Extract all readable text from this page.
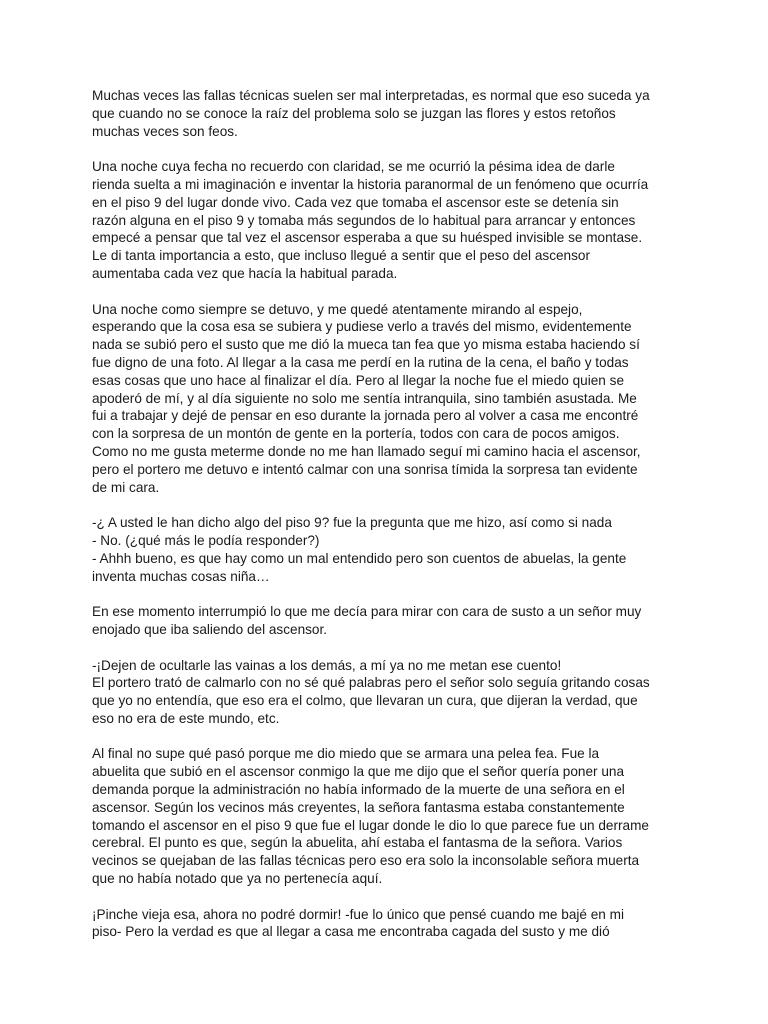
Muchas veces las fallas técnicas suelen ser mal interpretadas, es normal que eso suceda ya
que cuando no se conoce la raíz del problema solo se juzgan las flores y estos retoños
muchas veces son feos.

Una noche cuya fecha no recuerdo con claridad, se me ocurrió la pésima idea de darle
rienda suelta a mi imaginación e inventar la historia paranormal de un fenómeno que ocurría
en el piso 9 del lugar donde vivo. Cada vez que tomaba el ascensor este se detenía sin
razón alguna en el piso 9 y tomaba más segundos de lo habitual para arrancar y entonces
empecé a pensar que tal vez el ascensor esperaba a que su huésped invisible se montase.
Le di tanta importancia a esto, que incluso llegué a sentir que el peso del ascensor
aumentaba cada vez que hacía la habitual parada.

Una noche como siempre se detuvo, y me quedé atentamente mirando al espejo,
esperando que la cosa esa se subiera y pudiese verlo a través del mismo, evidentemente
nada se subió pero el susto que me dió la mueca tan fea que yo misma estaba haciendo sí
fue digno de una foto. Al llegar a la casa me perdí en la rutina de la cena, el baño y todas
esas cosas que uno hace al finalizar el día. Pero al llegar la noche fue el miedo quien se
apoderó de mí, y al día siguiente no solo me sentía intranquila, sino también asustada. Me
fui a trabajar y dejé de pensar en eso durante la jornada pero al volver a casa me encontré
con la sorpresa de un montón de gente en la portería, todos con cara de pocos amigos.
Como no me gusta meterme donde no me han llamado seguí mi camino hacia el ascensor,
pero el portero me detuvo e intentó calmar con una sonrisa tímida la sorpresa tan evidente
de mi cara.

-¿ A usted le han dicho algo del piso 9? fue la pregunta que me hizo, así como si nada
- No. (¿qué más le podía responder?)
- Ahhh bueno, es que hay como un mal entendido pero son cuentos de abuelas, la gente
inventa muchas cosas niña…

En ese momento interrumpió lo que me decía para mirar con cara de susto a un señor muy
enojado que iba saliendo del ascensor.

-¡Dejen de ocultarle las vainas a los demás, a mí ya no me metan ese cuento!
El portero trató de calmarlo con no sé qué palabras pero el señor solo seguía gritando cosas
que yo no entendía, que eso era el colmo, que llevaran un cura, que dijeran la verdad, que
eso no era de este mundo, etc.

Al final no supe qué pasó porque me dio miedo que se armara una pelea fea. Fue la
abuelita que subió en el ascensor conmigo la que me dijo que el señor quería poner una
demanda porque la administración no había informado de la muerte de una señora en el
ascensor. Según los vecinos más creyentes, la señora fantasma estaba constantemente
tomando el ascensor en el piso 9 que fue el lugar donde le dio lo que parece fue un derrame
cerebral. El punto es que, según la abuelita, ahí estaba el fantasma de la señora. Varios
vecinos se quejaban de las fallas técnicas pero eso era solo la inconsolable señora muerta
que no había notado que ya no pertenecía aquí.

¡Pinche vieja esa, ahora no podré dormir! -fue lo único que pensé cuando me bajé en mi
piso- Pero la verdad es que al llegar a casa me encontraba cagada del susto y me dió
